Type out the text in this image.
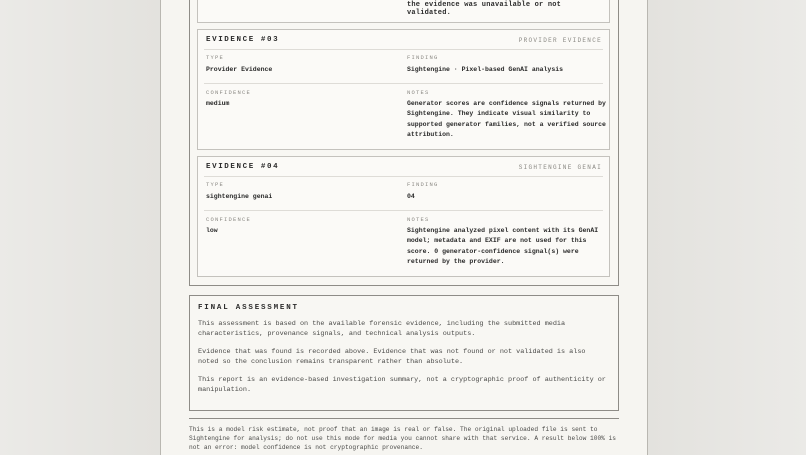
the evidence was unavailable or not validated.
EVIDENCE #03	PROVIDER EVIDENCE
TYPE
Provider Evidence
FINDING
Sightengine · Pixel-based GenAI analysis
CONFIDENCE
medium
NOTES
Generator scores are confidence signals returned by Sightengine. They indicate visual similarity to supported generator families, not a verified source attribution.
EVIDENCE #04	SIGHTENGINE GENAI
TYPE
sightengine genai
FINDING
04
CONFIDENCE
low
NOTES
Sightengine analyzed pixel content with its GenAI model; metadata and EXIF are not used for this score. 0 generator-confidence signal(s) were returned by the provider.
FINAL ASSESSMENT
This assessment is based on the available forensic evidence, including the submitted media characteristics, provenance signals, and technical analysis outputs.
Evidence that was found is recorded above. Evidence that was not found or not validated is also noted so the conclusion remains transparent rather than absolute.
This report is an evidence-based investigation summary, not a cryptographic proof of authenticity or manipulation.
This is a model risk estimate, not proof that an image is real or false. The original uploaded file is sent to Sightengine for analysis; do not use this mode for media you cannot share with that service. A result below 100% is not an error: model confidence is not cryptographic provenance.
